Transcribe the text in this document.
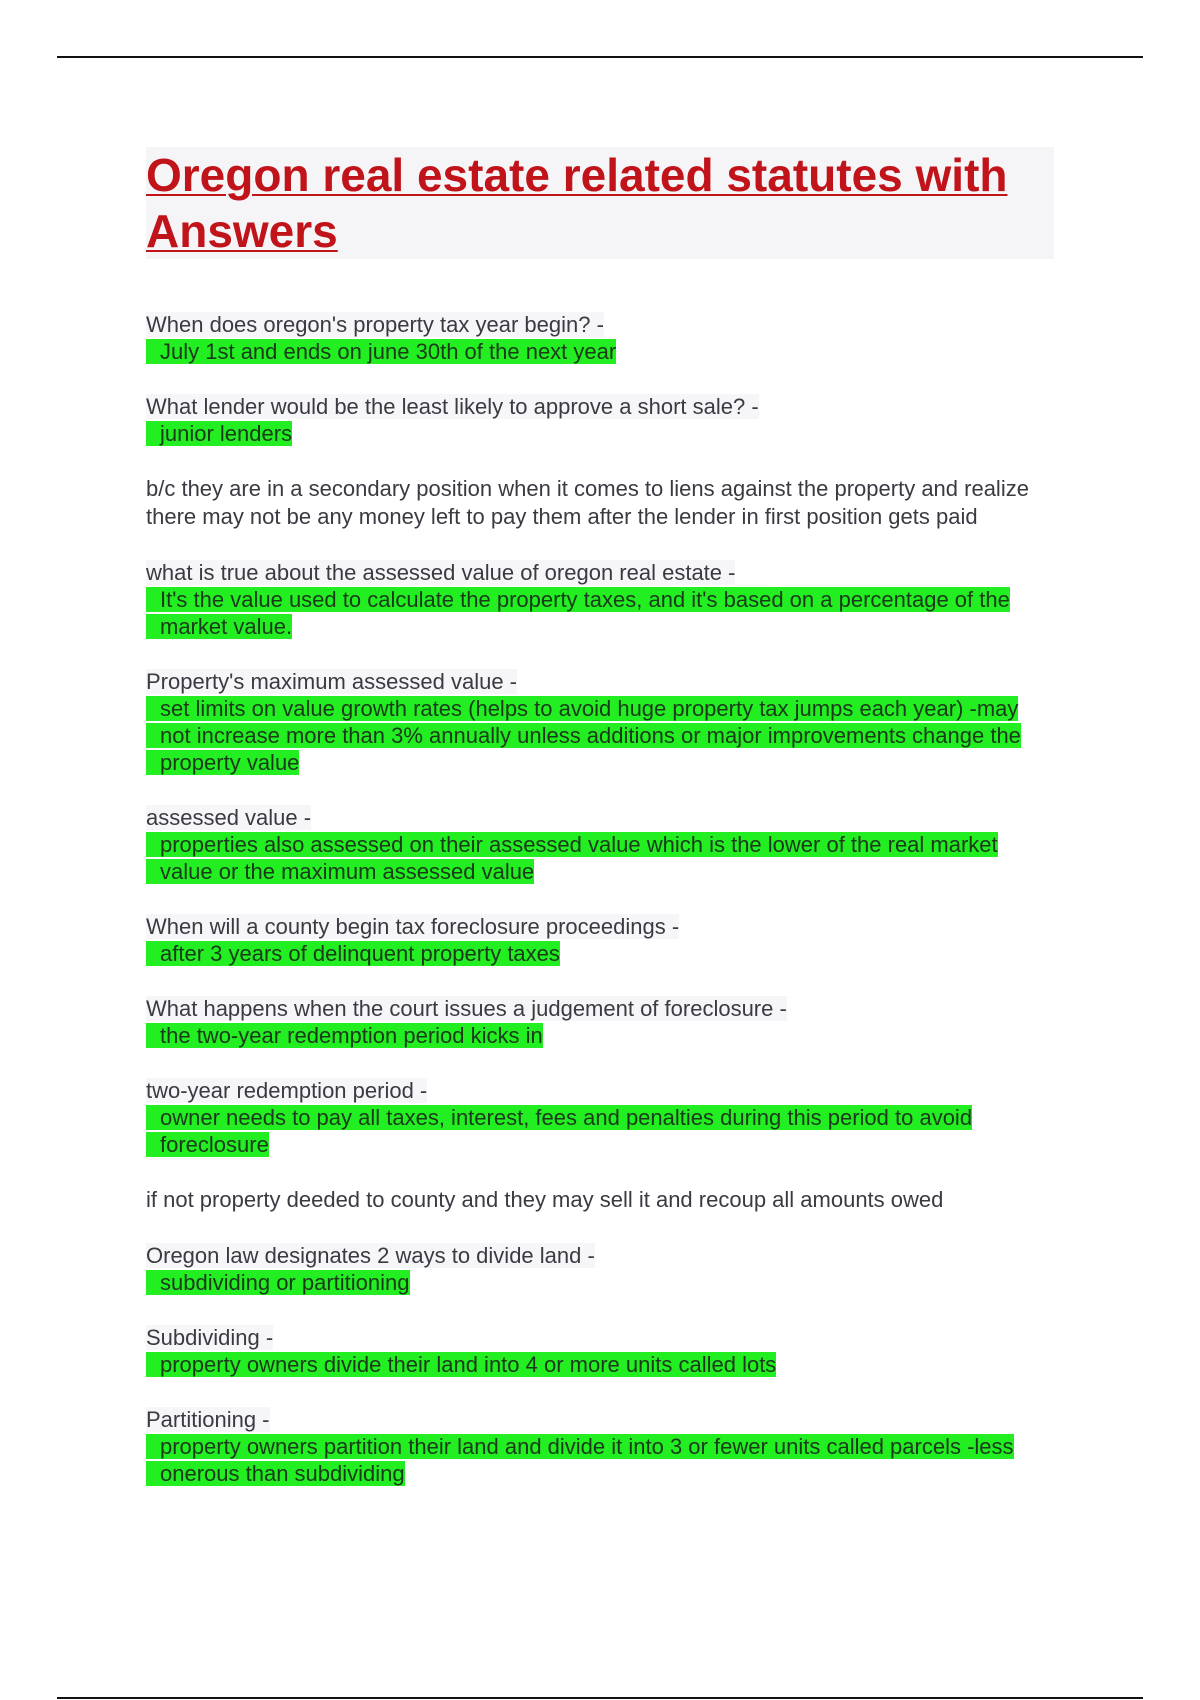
Oregon real estate related statutes with Answers
When does oregon's property tax year begin? -
July 1st and ends on june 30th of the next year
What lender would be the least likely to approve a short sale? -
junior lenders
b/c they are in a secondary position when it comes to liens against the property and realize there may not be any money left to pay them after the lender in first position gets paid
what is true about the assessed value of oregon real estate -
It's the value used to calculate the property taxes, and it's based on a percentage of the market value.
Property's maximum assessed value -
set limits on value growth rates (helps to avoid huge property tax jumps each year) -may not increase more than 3% annually unless additions or major improvements change the property value
assessed value -
properties also assessed on their assessed value which is the lower of the real market value or the maximum assessed value
When will a county begin tax foreclosure proceedings -
after 3 years of delinquent property taxes
What happens when the court issues a judgement of foreclosure -
the two-year redemption period kicks in
two-year redemption period -
owner needs to pay all taxes, interest, fees and penalties during this period to avoid foreclosure
if not property deeded to county and they may sell it and recoup all amounts owed
Oregon law designates 2 ways to divide land -
subdividing or partitioning
Subdividing -
property owners divide their land into 4 or more units called lots
Partitioning -
property owners partition their land and divide it into 3 or fewer units called parcels -less onerous than subdividing
